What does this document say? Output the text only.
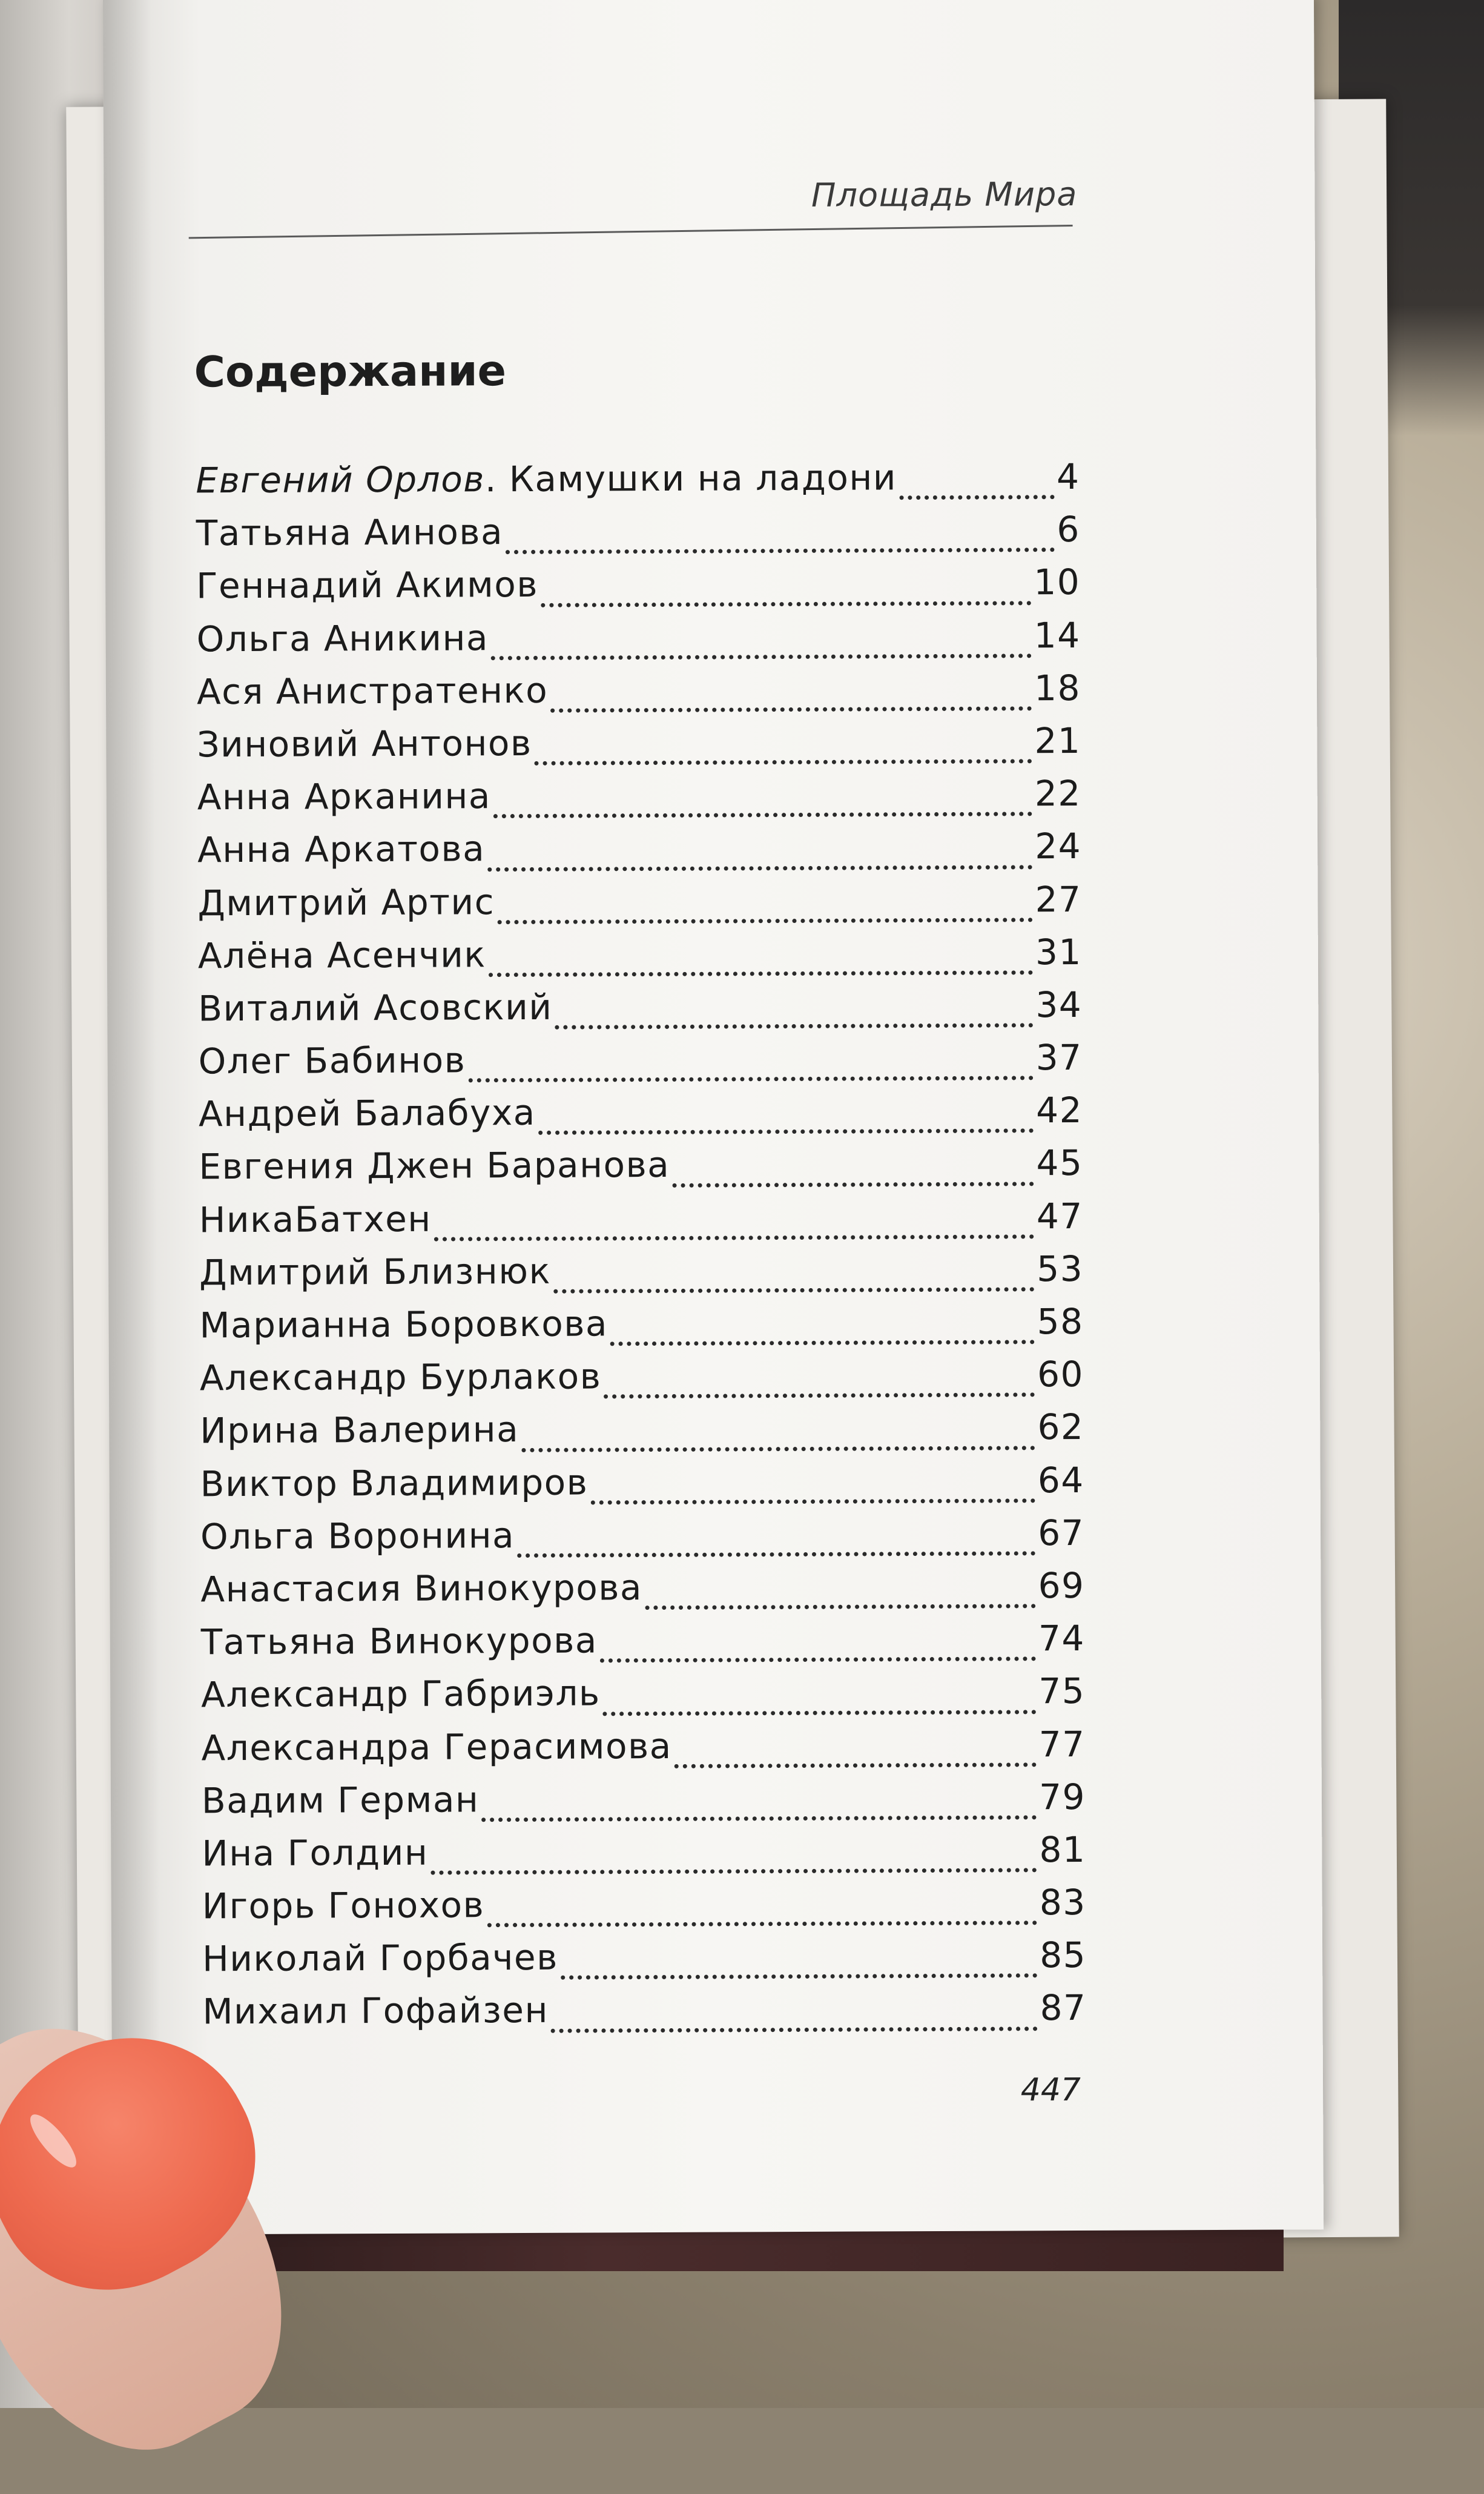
Площадь Мира
Содержание
Евгений Орлов . Камушки на ладони	4
Татьяна Аинова	6
Геннадий Акимов	10
Ольга Аникина	14
Ася Анистратенко	18
Зиновий Антонов	21
Анна Арканина	22
Анна Аркатова	24
Дмитрий Артис	27
Алёна Асенчик	31
Виталий Асовский	34
Олег Бабинов	37
Андрей Балабуха	42
Евгения Джен Баранова	45
НикаБатхен	47
Дмитрий Близнюк	53
Марианна Боровкова	58
Александр Бурлаков	60
Ирина Валерина	62
Виктор Владимиров	64
Ольга Воронина	67
Анастасия Винокурова	69
Татьяна Винокурова	74
Александр Габриэль	75
Александра Герасимова	77
Вадим Герман	79
Ина Голдин	81
Игорь Гонохов	83
Николай Горбачев	85
Михаил Гофайзен	87
447
